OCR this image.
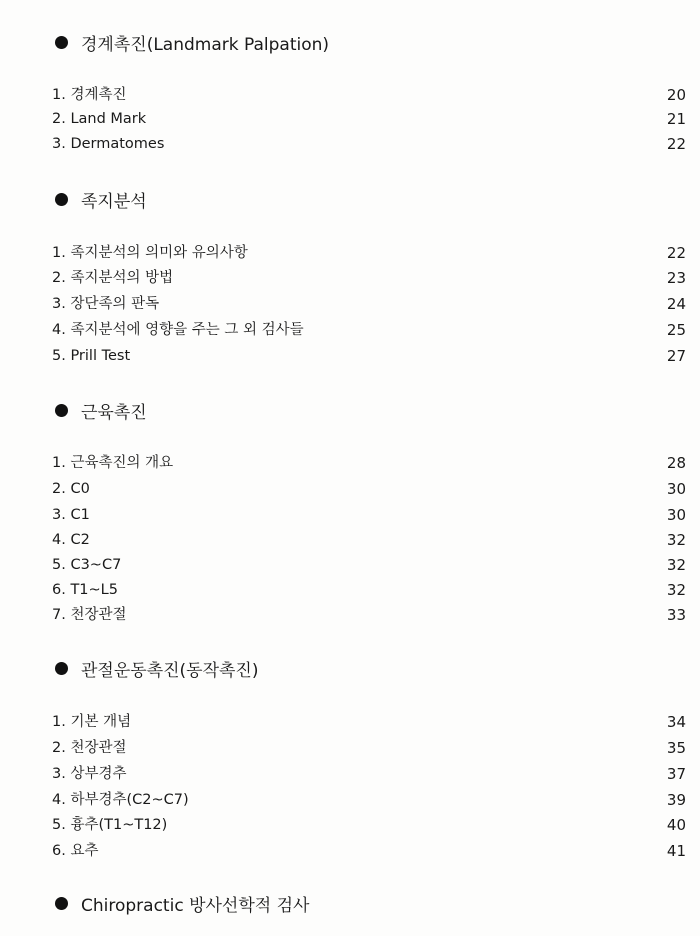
경계촉진(Landmark Palpation)
1. 경계촉진	20
2. Land Mark	21
3. Dermatomes	22
족지분석
1. 족지분석의 의미와 유의사항	22
2. 족지분석의 방법	23
3. 장단족의 판독	24
4. 족지분석에 영향을 주는 그 외 검사들	25
5. Prill Test	27
근육촉진
1. 근육촉진의 개요	28
2. C0	30
3. C1	30
4. C2	32
5. C3~C7	32
6. T1~L5	32
7. 천장관절	33
관절운동촉진(동작촉진)
1. 기본 개념	34
2. 천장관절	35
3. 상부경추	37
4. 하부경추(C2~C7)	39
5. 흉추(T1~T12)	40
6. 요추	41
Chiropractic 방사선학적 검사
